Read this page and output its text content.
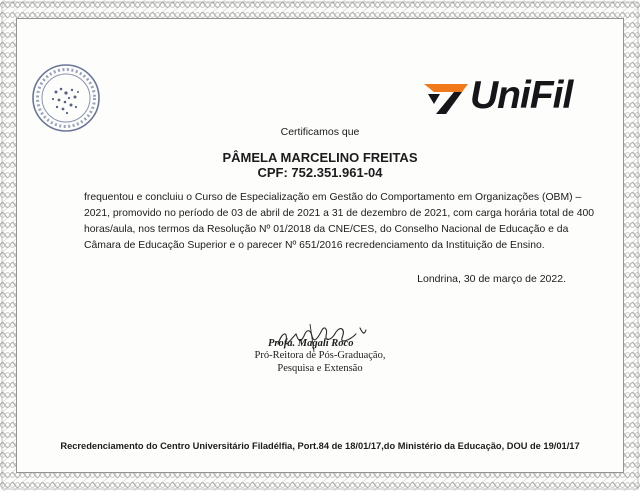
UniFil
Certificamos que
PÂMELA MARCELINO FREITAS
CPF: 752.351.961-04
frequentou e concluiu o Curso de Especialização em Gestão do Comportamento em Organizações (OBM) –
2021, promovido no período de 03 de abril de 2021 a 31 de dezembro de 2021, com carga horária total de 400
horas/aula, nos termos da Resolução Nº 01/2018 da CNE/CES, do Conselho Nacional de Educação e da
Câmara de Educação Superior e o parecer Nº 651/2016 recredenciamento da Instituição de Ensino.
Londrina, 30 de março de 2022.
Profa. Magali Roco
Pró-Reitora de Pós-Graduação,
Pesquisa e Extensão
Recredenciamento do Centro Universitário Filadélfia, Port.84 de 18/01/17,do Ministério da Educação, DOU de 19/01/17
